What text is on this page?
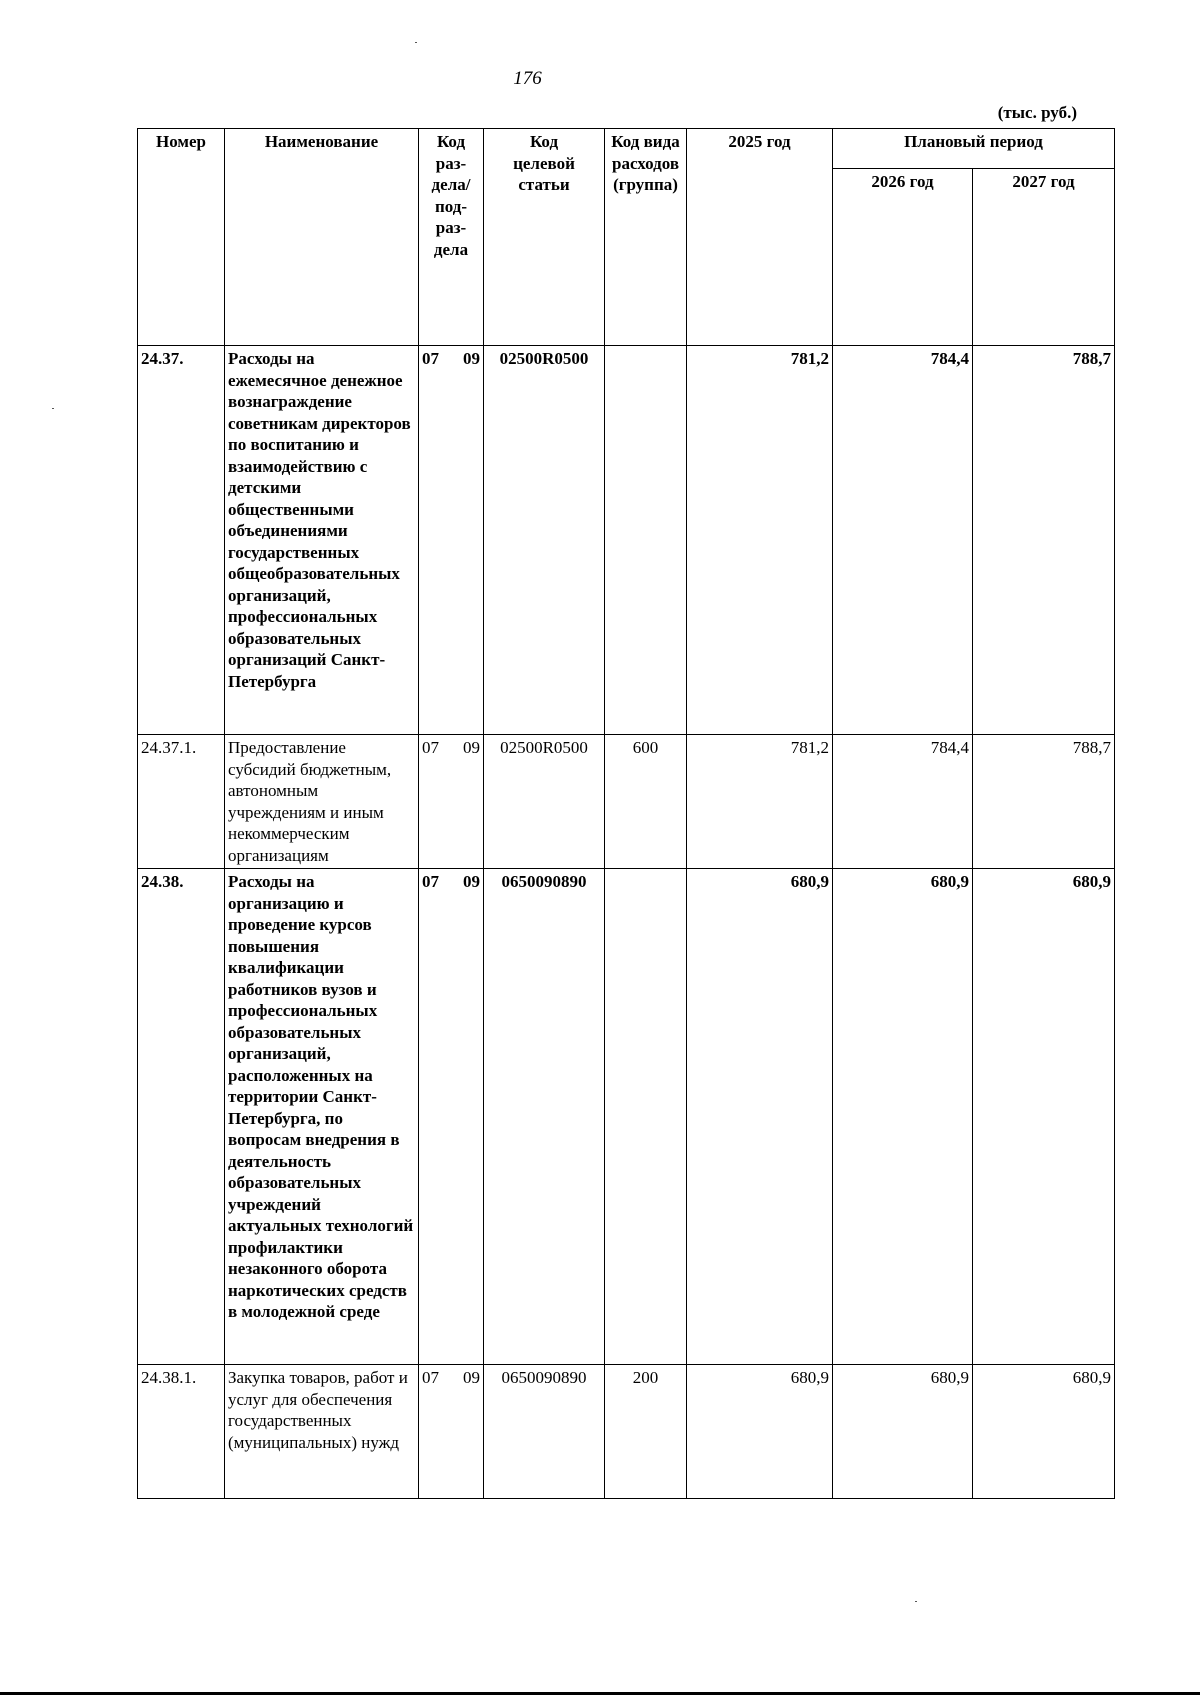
176
(тыс. руб.)
Номер	Наименование	Код раз-
дела/
под-
раз-
дела	Код
целевой
статьи	Код вида
расходов
(группа)	2025 год	Плановый период	
						2026 год	2027 год
24.37.	Расходы на ежемесячное денежное вознаграждение советникам директоров по воспитанию и взаимодействию с детскими общественными объединениями государственных общеобразовательных организаций, профессиональных образовательных организаций Санкт-Петербурга	07 09	02500R0500		781,2	784,4	788,7
24.37.1.	Предоставление субсидий бюджетным, автономным учреждениям и иным некоммерческим организациям	07 09	02500R0500	600	781,2	784,4	788,7
24.38.	Расходы на организацию и проведение курсов повышения квалификации работников вузов и профессиональных образовательных организаций, расположенных на территории Санкт-Петербурга, по вопросам внедрения в деятельность образовательных учреждений актуальных технологий профилактики незаконного оборота наркотических средств в молодежной среде	07 09	0650090890		680,9	680,9	680,9
24.38.1.	Закупка товаров, работ и услуг для обеспечения государственных (муниципальных) нужд	07 09	0650090890	200	680,9	680,9	680,9
